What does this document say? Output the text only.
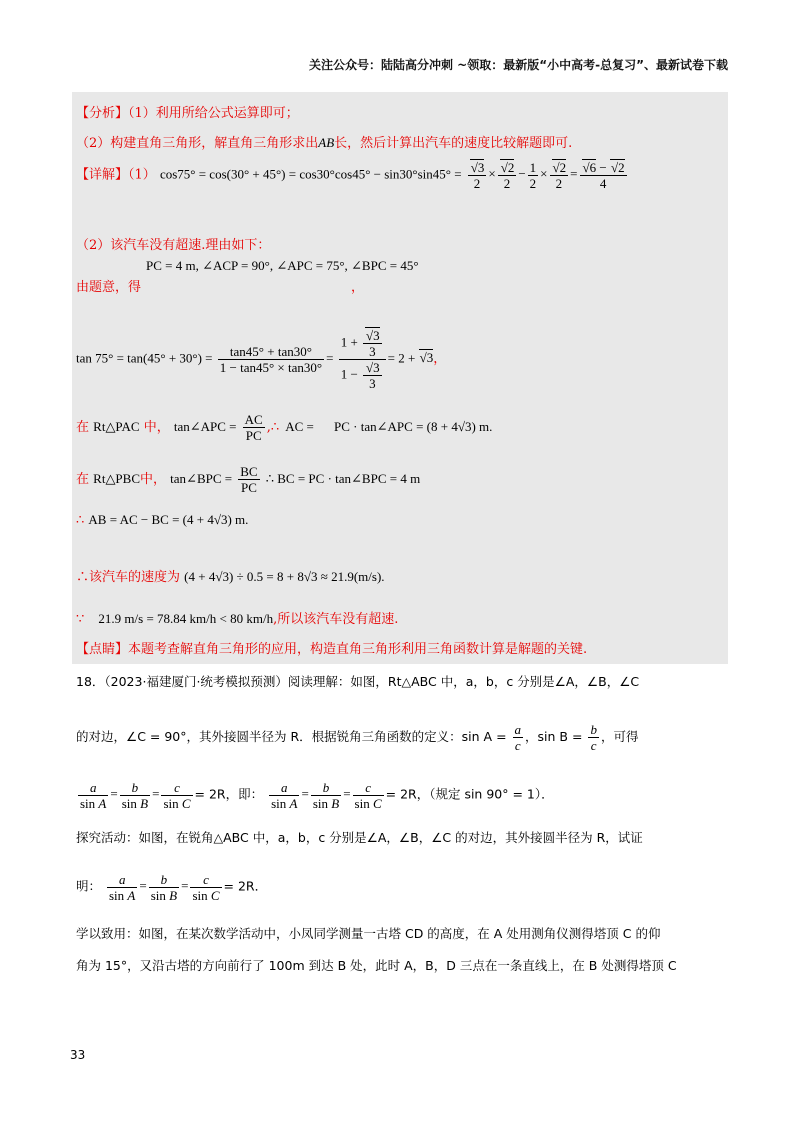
关注公众号：陆陆高分冲刺 ~领取：最新版“小中高考-总复习”、最新试卷下载
【分析】（1）利用所给公式运算即可；
（2）构建直角三角形，解直角三角形求出AB长，然后计算出汽车的速度比较解题即可.
【详解】（1） $\cos 75^\circ = \cos(30^\circ + 45^\circ) = \cos 30^\circ\cos 45^\circ - \sin 30^\circ\sin 45^\circ = \frac{√3}{2} \times \frac{√2}{2} - \frac{1}{2} \times \frac{√2}{2} = \frac{√6 - √2}{4}$
（2）该汽车没有超速.理由如下：
PC = 4 m, ∠ACP = 90°, ∠APC = 75°, ∠BPC = 45°
由题意，得	，
$\tan 75^\circ = \tan(45^\circ + 30^\circ) = \frac{\tan 45^\circ + \tan 30^\circ}{1 - \tan 45^\circ \times \tan 30^\circ} = \frac{1 + \frac{√3}{3}}{1 - \frac{√3}{3}} = 2 + √3$，
在 Rt△PAC 中， tan∠APC = $\frac{AC}{PC}$ ,∴ AC = PC · tan∠APC = (8 + 4√3) m.
在 Rt△PBC中， tan∠BPC = $\frac{BC}{PC}$ ∴ BC = PC · tan∠BPC = 4 m
∴ AB = AC − BC = (4 + 4√3) m.
∴该汽车的速度为 (4 + 4√3) ÷ 0.5 = 8 + 8√3 ≈ 21.9(m/s).
∵ 21.9 m/s = 78.84 km/h < 80 km/h,所以该汽车没有超速.
【点睛】本题考查解直角三角形的应用，构造直角三角形利用三角函数计算是解题的关键.
18．（2023·福建厦门·统考模拟预测）阅读理解：如图，Rt△ABC 中，a，b，c 分别是∠A，∠B，∠C
的对边，∠C = 90°，其外接圆半径为 R．根据锐角三角函数的定义：$\sin A = \frac{a}{c}$ ，$\sin B = \frac{b}{c}$ ，可得
$\frac{a}{\text{sin A}} = \frac{b}{\text{sin B}} = \frac{c}{\text{sin C}} = 2R$，即： $\frac{a}{\text{sin A}} = \frac{b}{\text{sin B}} = \frac{c}{\text{sin C}} = 2R$，（规定 sin 90° = 1）．
探究活动：如图，在锐角△ABC 中，a，b，c 分别是∠A，∠B，∠C 的对边，其外接圆半径为 R，试证
明： $\frac{a}{\text{sin A}} = \frac{b}{\text{sin B}} = \frac{c}{\text{sin C}} = 2R$．
学以致用：如图，在某次数学活动中，小凤同学测量一古塔 CD 的高度，在 A 处用测角仪测得塔顶 C 的仰
角为 15°，又沿古塔的方向前行了 100m 到达 B 处，此时 A，B，D 三点在一条直线上，在 B 处测得塔顶 C
33
